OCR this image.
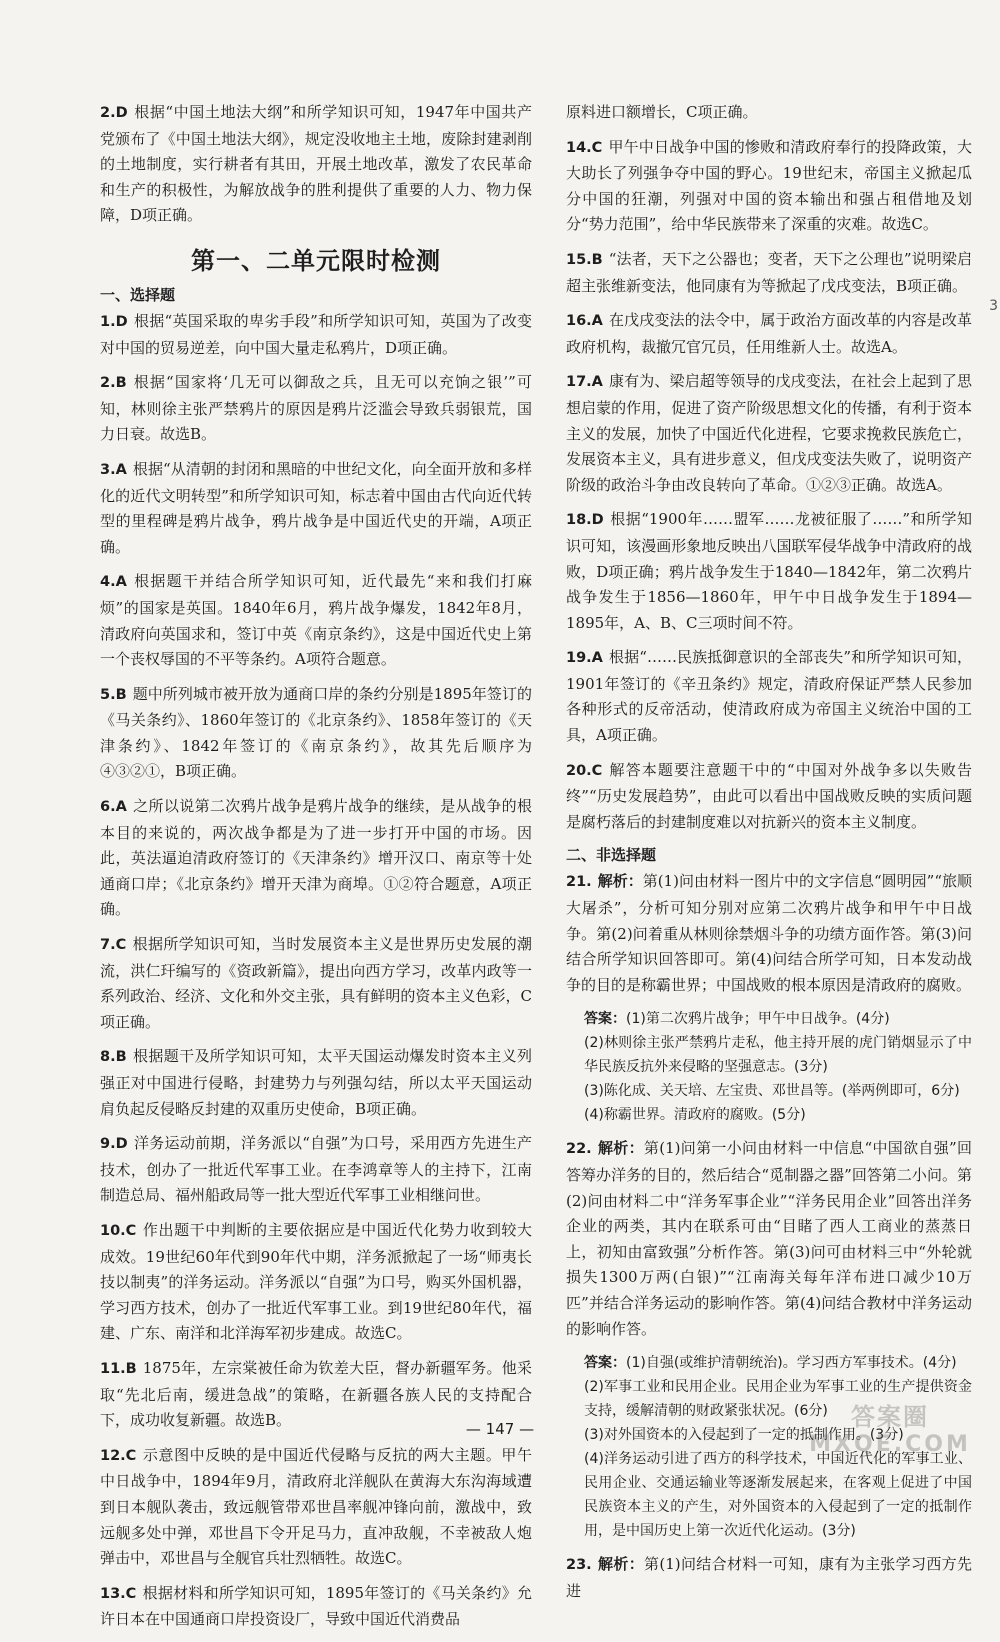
2.D 根据“中国土地法大纲”和所学知识可知，1947年中国共产党颁布了《中国土地法大纲》，规定没收地主土地，废除封建剥削的土地制度，实行耕者有其田，开展土地改革，激发了农民革命和生产的积极性，为解放战争的胜利提供了重要的人力、物力保障，D项正确。

第一、二单元限时检测
一、选择题

1.D 根据“英国采取的卑劣手段”和所学知识可知，英国为了改变对中国的贸易逆差，向中国大量走私鸦片，D项正确。

2.B 根据“国家将‘几无可以御敌之兵，且无可以充饷之银’”可知，林则徐主张严禁鸦片的原因是鸦片泛滥会导致兵弱银荒，国力日衰。故选B。

3.A 根据“从清朝的封闭和黑暗的中世纪文化，向全面开放和多样化的近代文明转型”和所学知识可知，标志着中国由古代向近代转型的里程碑是鸦片战争，鸦片战争是中国近代史的开端，A项正确。

4.A 根据题干并结合所学知识可知，近代最先“来和我们打麻烦”的国家是英国。1840年6月，鸦片战争爆发，1842年8月，清政府向英国求和，签订中英《南京条约》，这是中国近代史上第一个丧权辱国的不平等条约。A项符合题意。

5.B 题中所列城市被开放为通商口岸的条约分别是1895年签订的《马关条约》、1860年签订的《北京条约》、1858年签订的《天津条约》、1842年签订的《南京条约》，故其先后顺序为④③②①，B项正确。

6.A 之所以说第二次鸦片战争是鸦片战争的继续，是从战争的根本目的来说的，两次战争都是为了进一步打开中国的市场。因此，英法逼迫清政府签订的《天津条约》增开汉口、南京等十处通商口岸；《北京条约》增开天津为商埠。①②符合题意，A项正确。

7.C 根据所学知识可知，当时发展资本主义是世界历史发展的潮流，洪仁玕编写的《资政新篇》，提出向西方学习，改革内政等一系列政治、经济、文化和外交主张，具有鲜明的资本主义色彩，C项正确。

8.B 根据题干及所学知识可知，太平天国运动爆发时资本主义列强正对中国进行侵略，封建势力与列强勾结，所以太平天国运动肩负起反侵略反封建的双重历史使命，B项正确。

9.D 洋务运动前期，洋务派以“自强”为口号，采用西方先进生产技术，创办了一批近代军事工业。在李鸿章等人的主持下，江南制造总局、福州船政局等一批大型近代军事工业相继问世。

10.C 作出题干中判断的主要依据应是中国近代化势力收到较大成效。19世纪60年代到90年代中期，洋务派掀起了一场“师夷长技以制夷”的洋务运动。洋务派以“自强”为口号，购买外国机器，学习西方技术，创办了一批近代军事工业。到19世纪80年代，福建、广东、南洋和北洋海军初步建成。故选C。

11.B 1875年，左宗棠被任命为钦差大臣，督办新疆军务。他采取“先北后南，缓进急战”的策略，在新疆各族人民的支持配合下，成功收复新疆。故选B。

12.C 示意图中反映的是中国近代侵略与反抗的两大主题。甲午中日战争中，1894年9月，清政府北洋舰队在黄海大东沟海域遭到日本舰队袭击，致远舰管带邓世昌率舰冲锋向前，激战中，致远舰多处中弹，邓世昌下令开足马力，直冲敌舰，不幸被敌人炮弹击中，邓世昌与全舰官兵壮烈牺牲。故选C。

13.C 根据材料和所学知识可知，1895年签订的《马关条约》允许日本在中国通商口岸投资设厂，导致中国近代消费品

原料进口额增长，C项正确。

14.C 甲午中日战争中国的惨败和清政府奉行的投降政策，大大助长了列强争夺中国的野心。19世纪末，帝国主义掀起瓜分中国的狂潮，列强对中国的资本输出和强占租借地及划分“势力范围”，给中华民族带来了深重的灾难。故选C。

15.B “法者，天下之公器也；变者，天下之公理也”说明梁启超主张维新变法，他同康有为等掀起了戊戌变法，B项正确。

16.A 在戊戌变法的法令中，属于政治方面改革的内容是改革政府机构，裁撤冗官冗员，任用维新人士。故选A。

17.A 康有为、梁启超等领导的戊戌变法，在社会上起到了思想启蒙的作用，促进了资产阶级思想文化的传播，有利于资本主义的发展，加快了中国近代化进程，它要求挽救民族危亡，发展资本主义，具有进步意义，但戊戌变法失败了，说明资产阶级的政治斗争由改良转向了革命。①②③正确。故选A。

18.D 根据“1900年……盟军……龙被征服了……”和所学知识可知，该漫画形象地反映出八国联军侵华战争中清政府的战败，D项正确；鸦片战争发生于1840—1842年，第二次鸦片战争发生于1856—1860年，甲午中日战争发生于1894—1895年，A、B、C三项时间不符。

19.A 根据“……民族抵御意识的全部丧失”和所学知识可知，1901年签订的《辛丑条约》规定，清政府保证严禁人民参加各种形式的反帝活动，使清政府成为帝国主义统治中国的工具，A项正确。

20.C 解答本题要注意题干中的“中国对外战争多以失败告终”“历史发展趋势”，由此可以看出中国战败反映的实质问题是腐朽落后的封建制度难以对抗新兴的资本主义制度。

二、非选择题

21. 解析：第(1)问由材料一图片中的文字信息“圆明园”“旅顺大屠杀”，分析可知分别对应第二次鸦片战争和甲午中日战争。第(2)问着重从林则徐禁烟斗争的功绩方面作答。第(3)问结合所学知识回答即可。第(4)问结合所学可知，日本发动战争的目的是称霸世界；中国战败的根本原因是清政府的腐败。

答案：(1)第二次鸦片战争；甲午中日战争。(4分)
(2)林则徐主张严禁鸦片走私，他主持开展的虎门销烟显示了中华民族反抗外来侵略的坚强意志。(3分)
(3)陈化成、关天培、左宝贵、邓世昌等。(举两例即可，6分)
(4)称霸世界。清政府的腐败。(5分)

22. 解析：第(1)问第一小问由材料一中信息“中国欲自强”回答筹办洋务的目的，然后结合“觅制器之器”回答第二小问。第(2)问由材料二中“洋务军事企业”“洋务民用企业”回答出洋务企业的两类，其内在联系可由“目睹了西人工商业的蒸蒸日上，初知由富致强”分析作答。第(3)问可由材料三中“外轮就损失1300万两(白银)”“江南海关每年洋布进口减少10万匹”并结合洋务运动的影响作答。第(4)问结合教材中洋务运动的影响作答。

答案：(1)自强(或维护清朝统治)。学习西方军事技术。(4分)
(2)军事工业和民用企业。民用企业为军事工业的生产提供资金支持，缓解清朝的财政紧张状况。(6分)
(3)对外国资本的入侵起到了一定的抵制作用。(3分)
(4)洋务运动引进了西方的科学技术，中国近代化的军事工业、民用企业、交通运输业等逐渐发展起来，在客观上促进了中国民族资本主义的产生，对外国资本的入侵起到了一定的抵制作用，是中国历史上第一次近代化运动。(3分)

23. 解析：第(1)问结合材料一可知，康有为主张学习西方先进

3
— 147 —	答案圈
MXQE.COM
